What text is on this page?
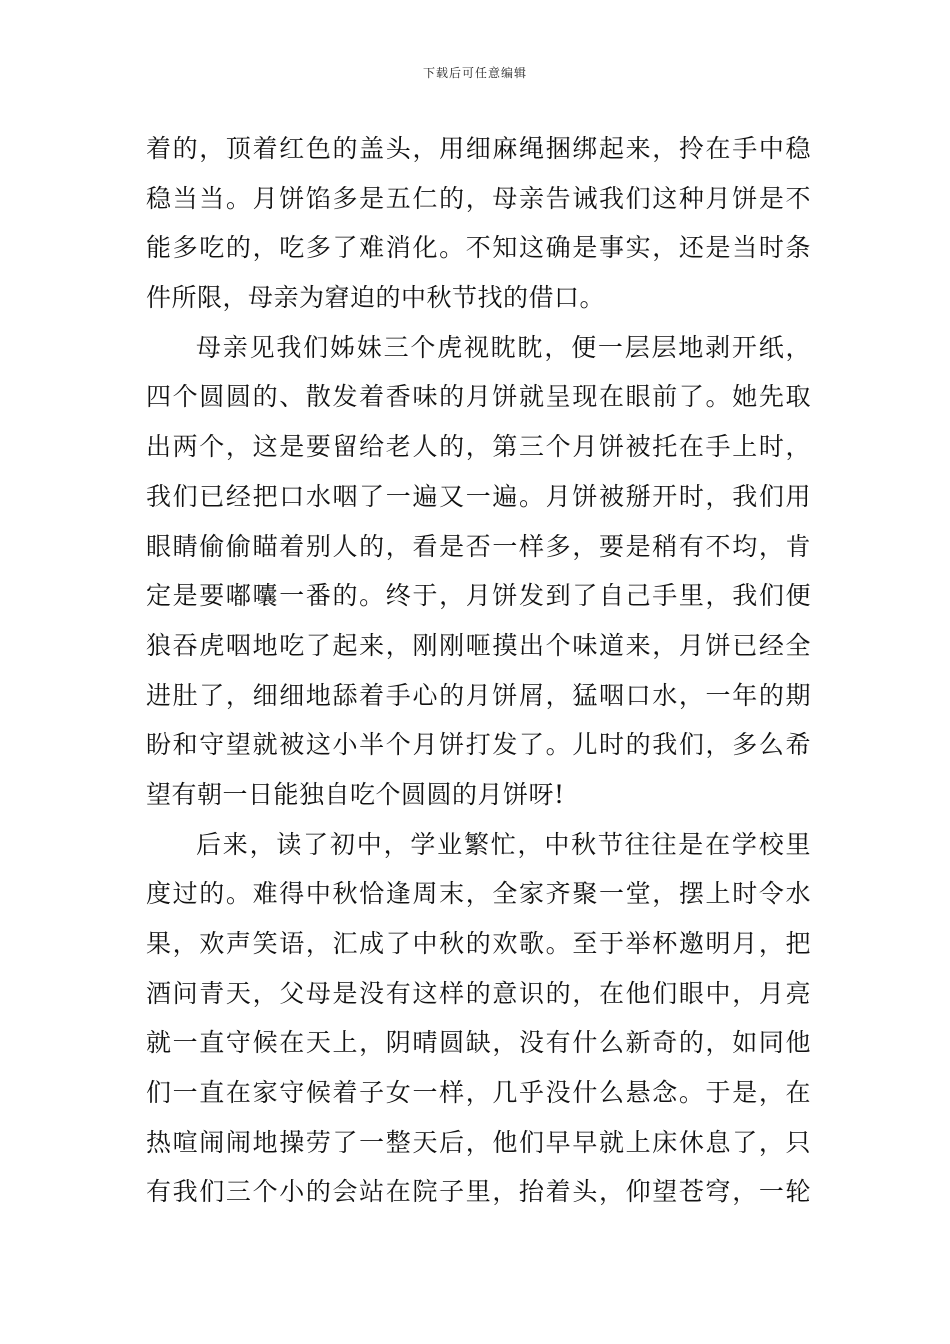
下载后可任意编辑
着的，顶着红色的盖头，用细麻绳捆绑起来，拎在手中稳
稳当当。月饼馅多是五仁的，母亲告诫我们这种月饼是不
能多吃的，吃多了难消化。不知这确是事实，还是当时条
件所限，母亲为窘迫的中秋节找的借口。
母亲见我们姊妹三个虎视眈眈，便一层层地剥开纸，
四个圆圆的、散发着香味的月饼就呈现在眼前了。她先取
出两个，这是要留给老人的，第三个月饼被托在手上时，
我们已经把口水咽了一遍又一遍。月饼被掰开时，我们用
眼睛偷偷瞄着别人的，看是否一样多，要是稍有不均，肯
定是要嘟囔一番的。终于，月饼发到了自己手里，我们便
狼吞虎咽地吃了起来，刚刚咂摸出个味道来，月饼已经全
进肚了，细细地舔着手心的月饼屑，猛咽口水，一年的期
盼和守望就被这小半个月饼打发了。儿时的我们，多么希
望有朝一日能独自吃个圆圆的月饼呀!
后来，读了初中，学业繁忙，中秋节往往是在学校里
度过的。难得中秋恰逢周末，全家齐聚一堂，摆上时令水
果，欢声笑语，汇成了中秋的欢歌。至于举杯邀明月，把
酒问青天，父母是没有这样的意识的，在他们眼中，月亮
就一直守候在天上，阴晴圆缺，没有什么新奇的，如同他
们一直在家守候着子女一样，几乎没什么悬念。于是，在
热喧闹闹地操劳了一整天后，他们早早就上床休息了，只
有我们三个小的会站在院子里，抬着头，仰望苍穹，一轮
